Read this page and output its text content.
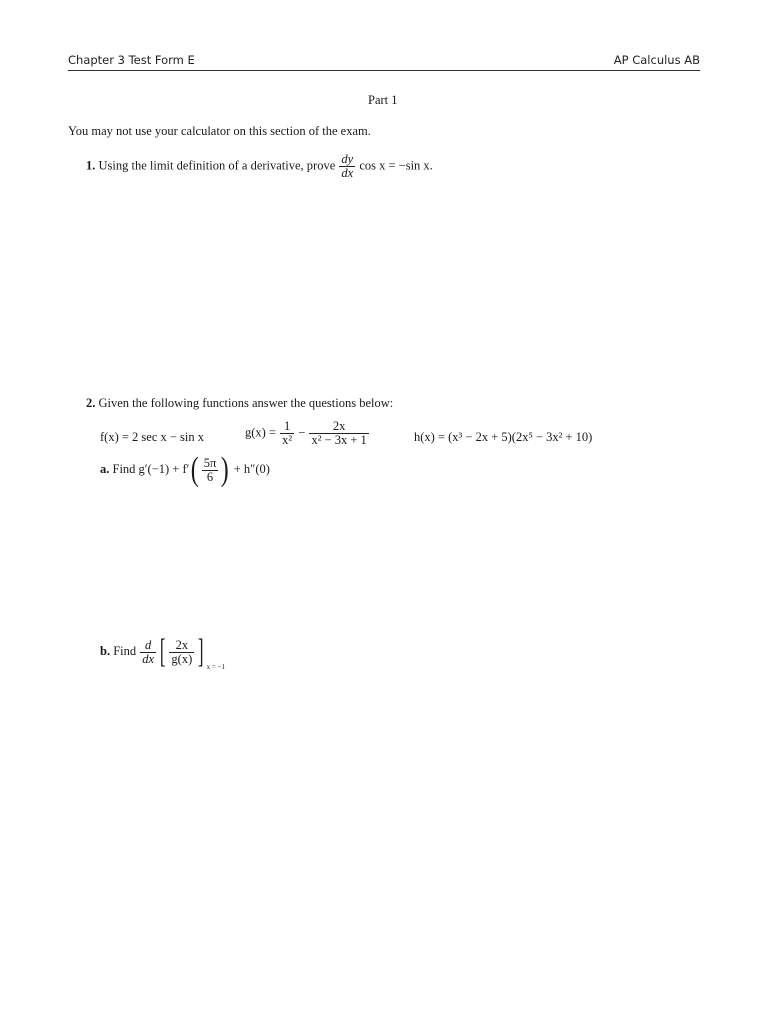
Chapter 3 Test Form E	AP Calculus AB
Part 1
You may not use your calculator on this section of the exam.
1. Using the limit definition of a derivative, prove $\frac{dy}{dx}$ cos x = −sin x.
2. Given the following functions answer the questions below:
f(x) = 2 sec x − sin x	$g(x) = \frac{1}{\text{x²}} - \frac{2x}{\text{x² − 3x + 1}}$	h(x) = (x³ − 2x + 5)(2x⁵ − 3x² + 10)
a. Find $g'(-1) + f'( \frac{5\pi}{6}$ ) + h″(0)
b. Find $\frac{d}{dx}$ [ $\frac{2x}{g(x)}$ ] $_{x = -1}$
